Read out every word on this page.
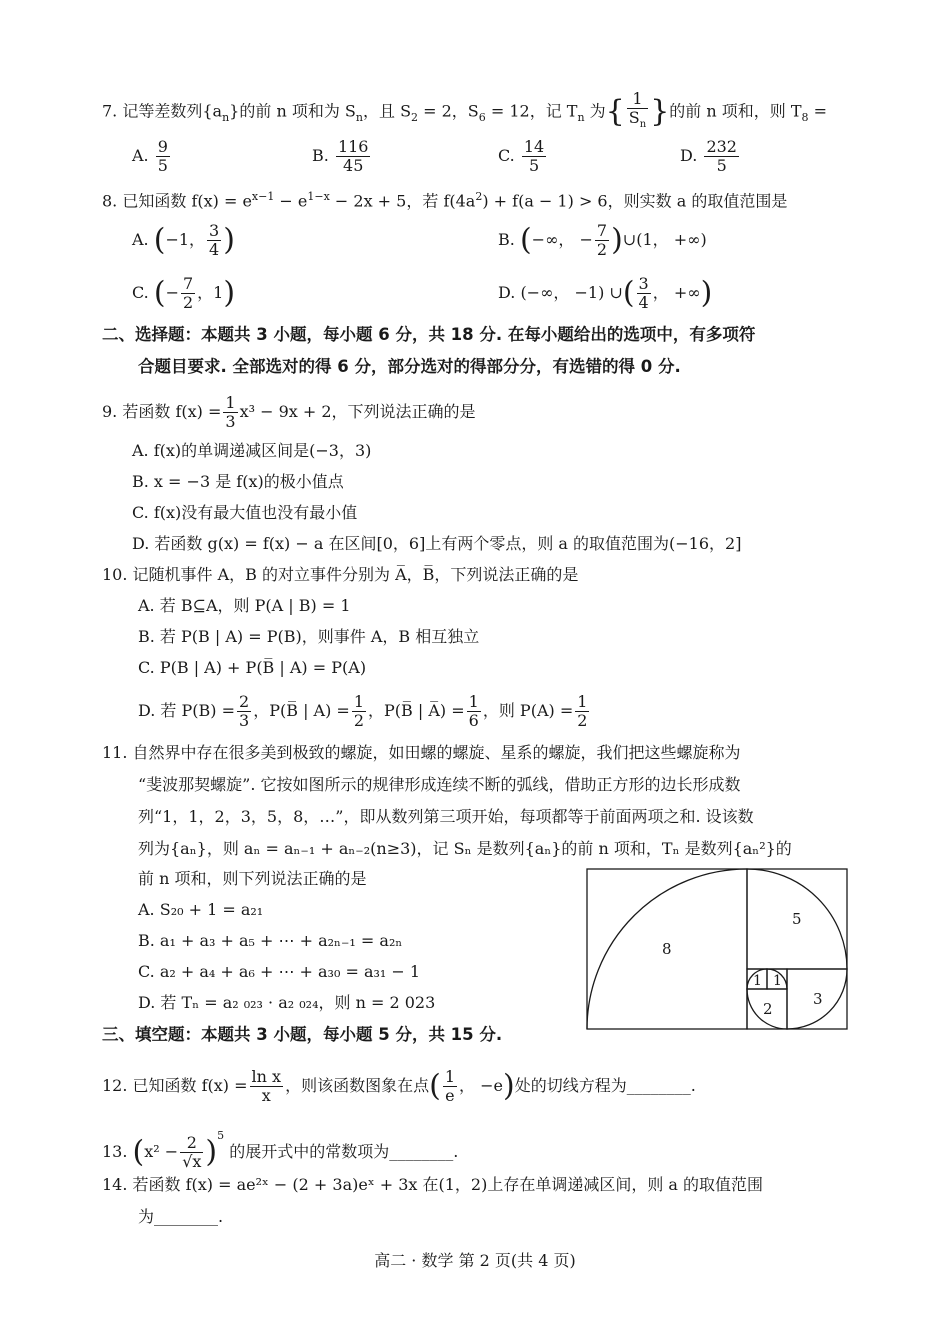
7. 记等差数列$\{a_n\}$的前 n 项和为 $S_n$，且 $S_2 = 2$，$S_6 = 12$，记 $T_n$ 为{ $\frac{1}{S_n}$ }的前 n 项和，则 $T_8$ =
A. $\frac{9}{5}$	B. $\frac{116}{45}$	C. $\frac{14}{5}$	D. $\frac{232}{5}$
8. 已知函数 $f(x) = e^{x-1} - e^{1-x} - 2x + 5$，若 $f(4a^2) + f(a - 1) > 6$，则实数 a 的取值范围是
A. (−1， $\frac{3}{4}$ )	B. (−∞， − $\frac{7}{2}$ )∪(1， +∞)
C. (− $\frac{7}{2}$ ，1)	D. (−∞， −1) ∪( $\frac{3}{4}$ ， +∞)
二、选择题：本题共 3 小题，每小题 6 分，共 18 分. 在每小题给出的选项中，有多项符
合题目要求. 全部选对的得 6 分，部分选对的得部分分，有选错的得 0 分.
9. 若函数 $f(x) = \frac{1}{3} x^3 - 9x + 2$，下列说法正确的是
A. f(x)的单调递减区间是(−3，3)
B. x = −3 是 f(x)的极小值点
C. f(x)没有最大值也没有最小值
D. 若函数 g(x) = f(x) − a 在区间[0，6]上有两个零点，则 a 的取值范围为(−16，2]
10. 记随机事件 A，B 的对立事件分别为 A̅，B̅，下列说法正确的是
A. 若 B⊆A，则 P(A | B) = 1
B. 若 P(B | A) = P(B)，则事件 A，B 相互独立
C. P(B | A) + P(B̅ | A) = P(A)
D. 若 $P(B) = \frac{2}{3}$ ，P(B̅ | $A) = \frac{1}{2}$ ，P(B̅ | A̅) = $\frac{1}{6}$ ，则 $P(A) = \frac{1}{2}$
11. 自然界中存在很多美到极致的螺旋，如田螺的螺旋、星系的螺旋，我们把这些螺旋称为
“斐波那契螺旋”. 它按如图所示的规律形成连续不断的弧线，借助正方形的边长形成数
列“1，1，2，3，5，8，…”，即从数列第三项开始，每项都等于前面两项之和. 设该数
列为{aₙ}，则 aₙ = aₙ₋₁ + aₙ₋₂(n≥3)，记 Sₙ 是数列{aₙ}的前 n 项和，Tₙ 是数列{aₙ²}的
前 n 项和，则下列说法正确的是
A. S₂₀ + 1 = a₂₁
B. a₁ + a₃ + a₅ + ⋯ + a₂ₙ₋₁ = a₂ₙ
C. a₂ + a₄ + a₆ + ⋯ + a₃₀ = a₃₁ − 1
D. 若 Tₙ = a₂ ₀₂₃ · a₂ ₀₂₄，则 n = 2 023
8
5
3
2
1 1
三、填空题：本题共 3 小题，每小题 5 分，共 15 分.
12. 已知函数 $f(x) = \frac{\text{ln x}}{x}$ ，则该函数图象在点( $\frac{1}{e}$ ， −e)处的切线方程为________.
13. $(x^2 - \frac{2}{√x} )^5$ 的展开式中的常数项为________.
14. 若函数 f(x) = ae²ˣ − (2 + 3a)eˣ + 3x 在(1，2)上存在单调递减区间，则 a 的取值范围
为________.
高二 · 数学 第 2 页(共 4 页)
